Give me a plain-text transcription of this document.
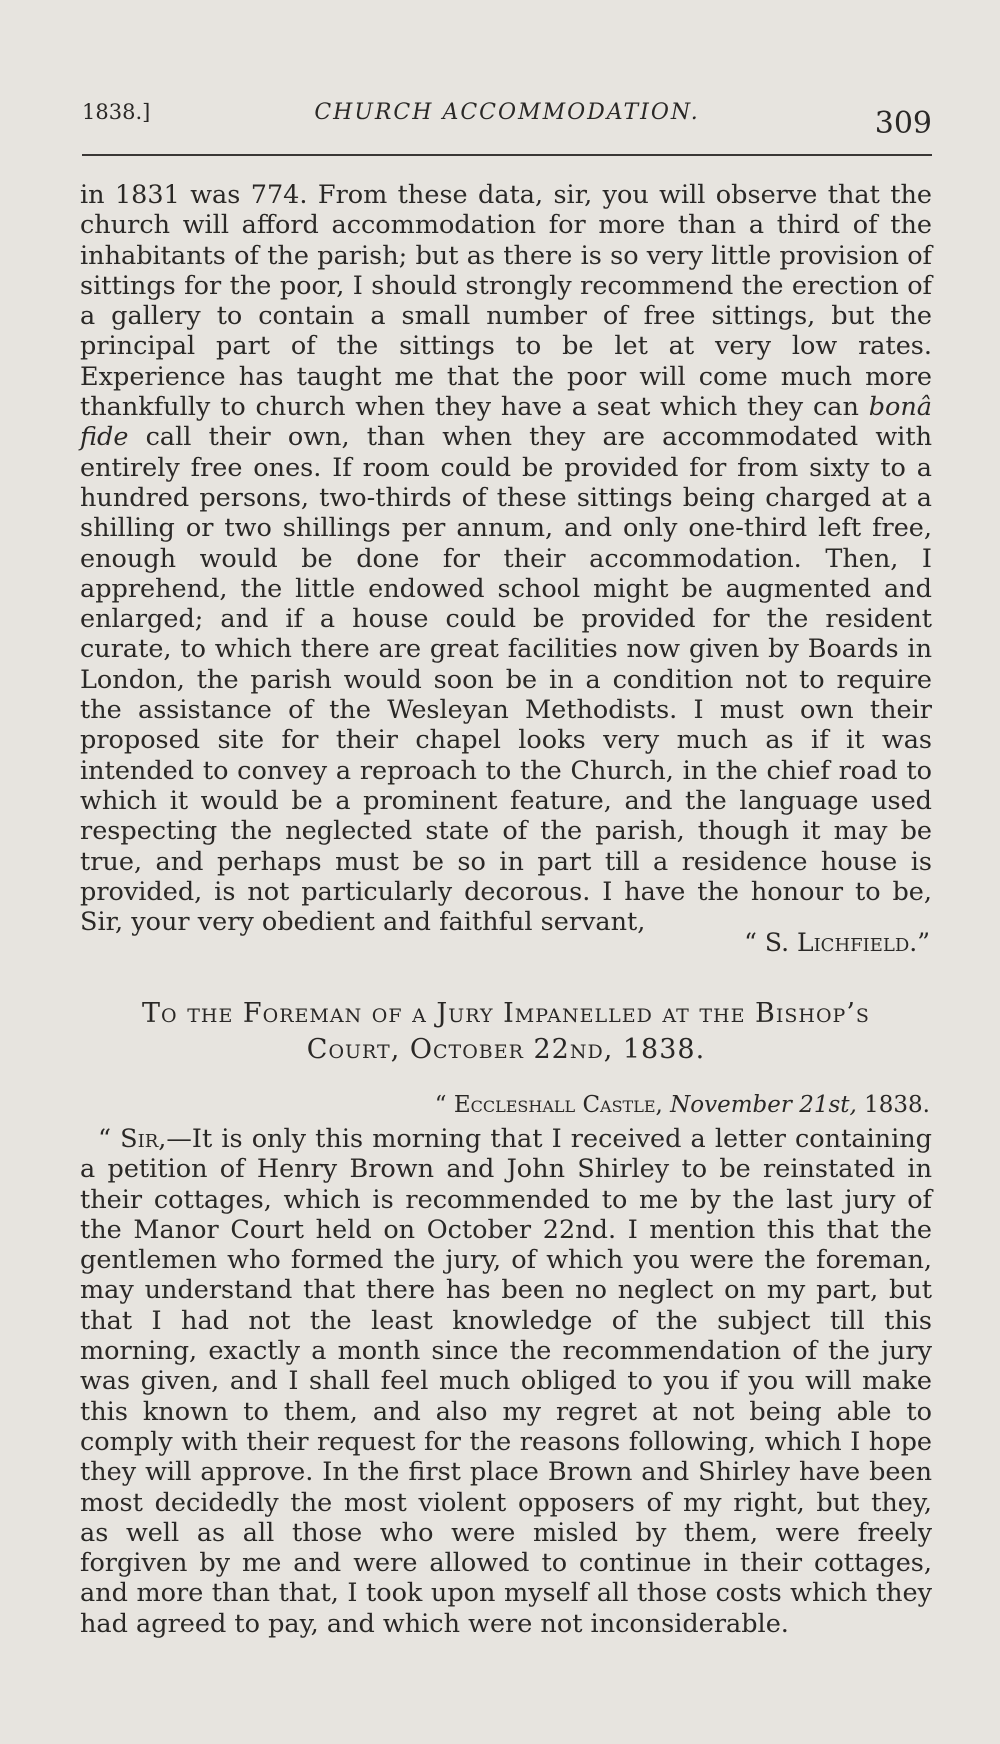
1838.]	CHURCH ACCOMMODATION.	309
in 1831 was 774. From these data, sir, you will observe that the church will afford accommodation for more than a third of the inhabitants of the parish; but as there is so very little provision of sittings for the poor, I should strongly recommend the erection of a gallery to contain a small number of free sittings, but the principal part of the sittings to be let at very low rates. Experience has taught me that the poor will come much more thankfully to church when they have a seat which they can bonâ fide call their own, than when they are accommodated with entirely free ones. If room could be provided for from sixty to a hundred persons, two-thirds of these sittings being charged at a shilling or two shillings per annum, and only one-third left free, enough would be done for their accommodation. Then, I apprehend, the little endowed school might be augmented and enlarged; and if a house could be provided for the resident curate, to which there are great facilities now given by Boards in London, the parish would soon be in a condition not to require the assistance of the Wesleyan Methodists. I must own their proposed site for their chapel looks very much as if it was intended to convey a reproach to the Church, in the chief road to which it would be a prominent feature, and the language used respecting the neglected state of the parish, though it may be true, and perhaps must be so in part till a residence house is provided, is not particularly decorous. I have the honour to be, Sir, your very obedient and faithful servant,
“ S. Lichfield.”
To the Foreman of a Jury Impanelled at the Bishop’s
Court, October 22nd, 1838.
“ Eccleshall Castle, November 21st, 1838.
“ Sir,—It is only this morning that I received a letter containing a petition of Henry Brown and John Shirley to be reinstated in their cottages, which is recommended to me by the last jury of the Manor Court held on October 22nd. I mention this that the gentlemen who formed the jury, of which you were the foreman, may understand that there has been no neglect on my part, but that I had not the least knowledge of the subject till this morning, exactly a month since the recommendation of the jury was given, and I shall feel much obliged to you if you will make this known to them, and also my regret at not being able to comply with their request for the reasons following, which I hope they will approve. In the first place Brown and Shirley have been most decidedly the most violent opposers of my right, but they, as well as all those who were misled by them, were freely forgiven by me and were allowed to continue in their cottages, and more than that, I took upon myself all those costs which they had agreed to pay, and which were not inconsiderable.
